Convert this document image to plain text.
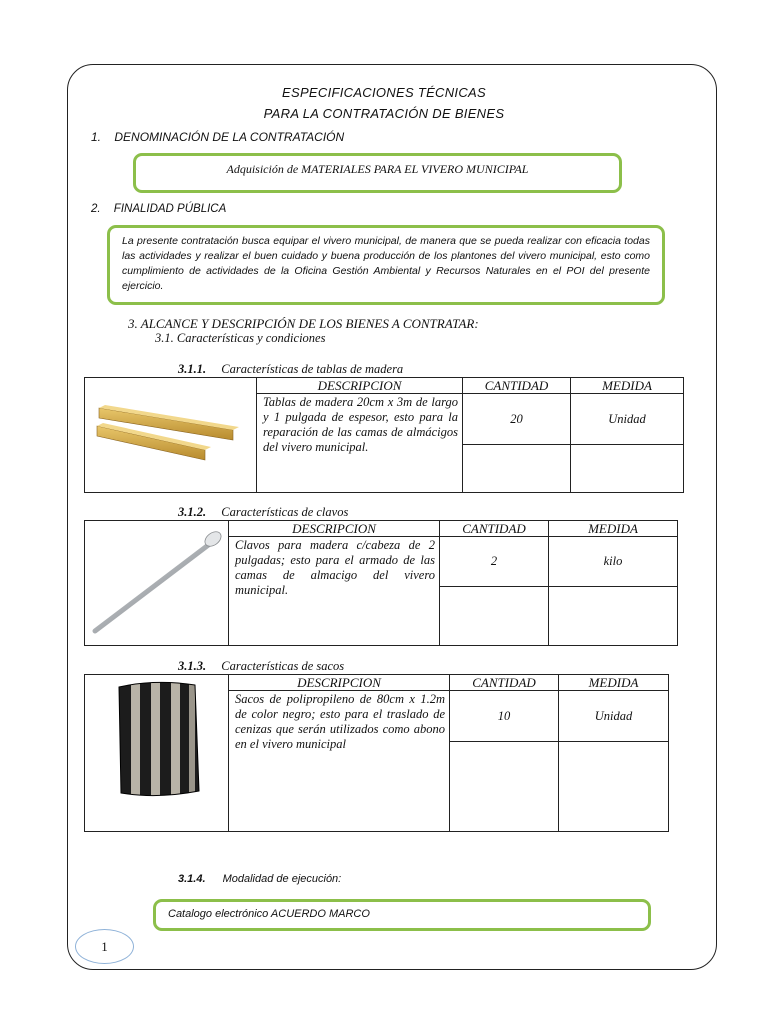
ESPECIFICACIONES TÉCNICAS
PARA LA CONTRATACIÓN DE BIENES
1. DENOMINACIÓN DE LA CONTRATACIÓN
Adquisición de MATERIALES PARA EL VIVERO MUNICIPAL
2. FINALIDAD PÚBLICA
La presente contratación busca equipar el vivero municipal, de manera que se pueda realizar con eficacia todas las actividades y realizar el buen cuidado y buena producción de los plantones del vivero municipal, esto como cumplimiento de actividades de la Oficina Gestión Ambiental y Recursos Naturales en el POI del presente ejercicio.
3. ALCANCE Y DESCRIPCIÓN DE LOS BIENES A CONTRATAR:
3.1. Características y condiciones
3.1.1. Características de tablas de madera
	DESCRIPCION	CANTIDAD	MEDIDA
	Tablas de madera 20cm x 3m de largo y 1 pulgada de espesor, esto para la reparación de las camas de almácigos del vivero municipal.	20	Unidad

3.1.2. Características de clavos
	DESCRIPCION	CANTIDAD	MEDIDA
	Clavos para madera c/cabeza de 2 pulgadas; esto para el armado de las camas de almacigo del vivero municipal.	2	kilo

3.1.3. Características de sacos
	DESCRIPCION	CANTIDAD	MEDIDA
	Sacos de polipropileno de 80cm x 1.2m de color negro; esto para el traslado de cenizas que serán utilizados como abono en el vivero municipal	10	Unidad

3.1.4. Modalidad de ejecución:
Catalogo electrónico ACUERDO MARCO
1
